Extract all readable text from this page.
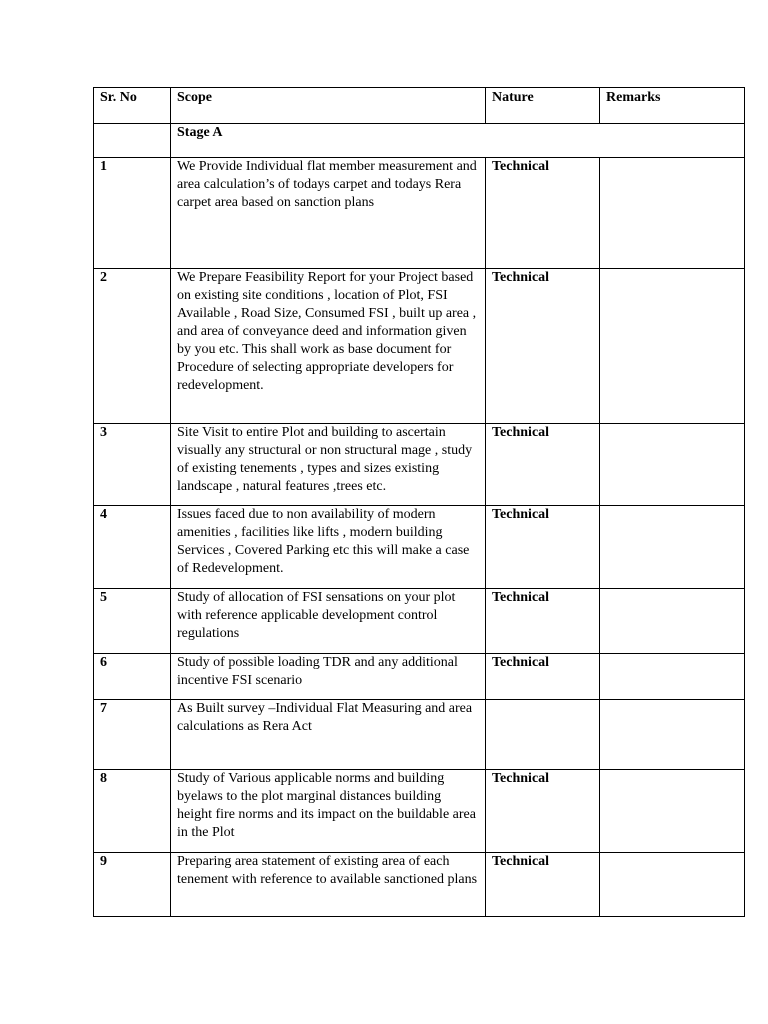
Sr. No	Scope	Nature	Remarks
	Stage A		
1	We Provide Individual flat member measurement and area calculation’s of todays carpet and todays Rera carpet area based on sanction plans	Technical	
2	We Prepare Feasibility Report for your Project based on existing site conditions , location of Plot, FSI Available , Road Size, Consumed FSI , built up area , and area of conveyance deed and information given by you etc. This shall work as base document for Procedure of selecting appropriate developers for redevelopment.	Technical	
3	Site Visit to entire Plot and building to ascertain visually any structural or non structural mage , study of existing tenements , types and sizes existing landscape , natural features ,trees etc.	Technical	
4	Issues faced due to non availability of modern amenities , facilities like lifts , modern building Services , Covered Parking etc this will make a case of Redevelopment.	Technical	
5	Study of allocation of FSI sensations on your plot with reference applicable development control regulations	Technical	
6	Study of possible loading TDR and any additional incentive FSI scenario	Technical	
7	As Built survey –Individual Flat Measuring and area calculations as Rera Act		
8	Study of Various applicable norms and building byelaws to the plot marginal distances building height fire norms and its impact on the buildable area in the Plot	Technical	
9	Preparing area statement of existing area of each tenement with reference to available sanctioned plans	Technical	
